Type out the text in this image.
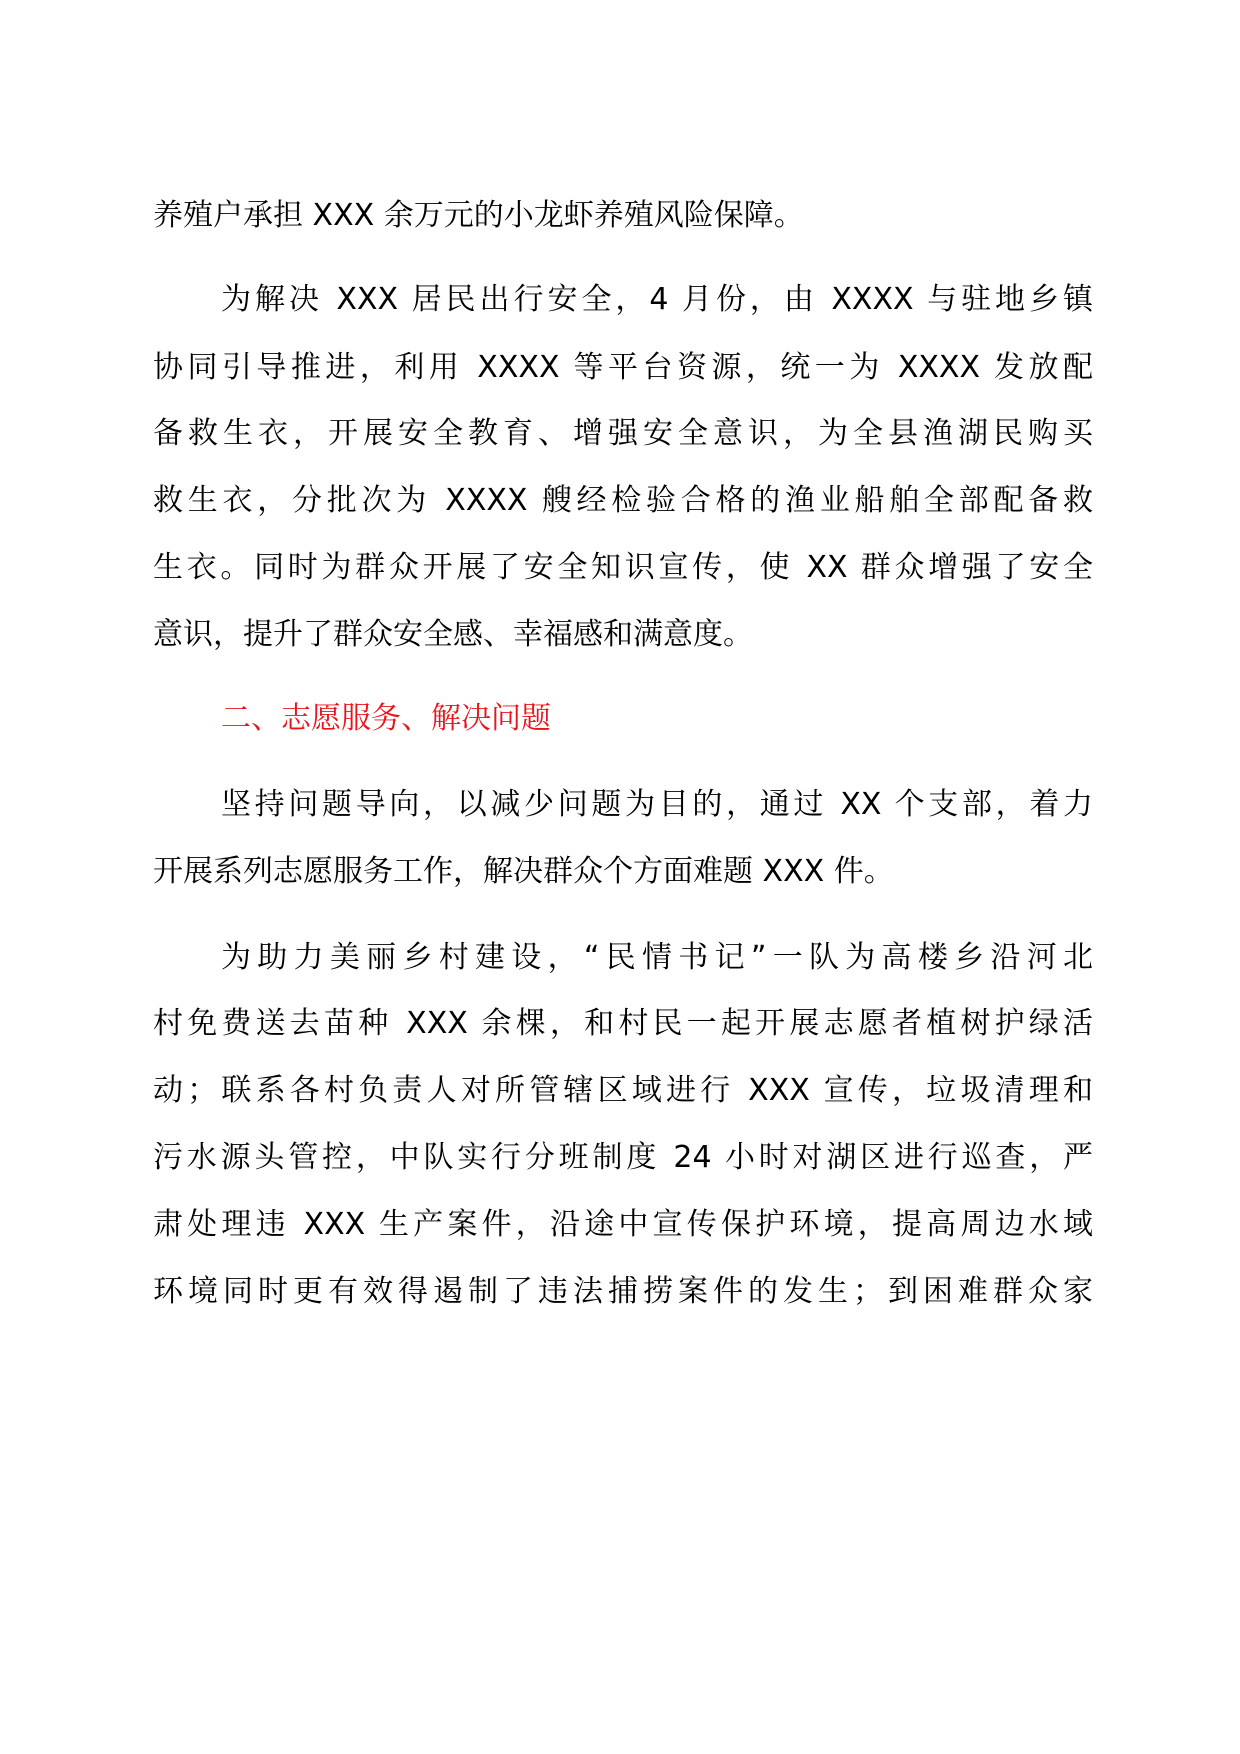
养殖户承担 XXX 余万元的小龙虾养殖风险保障。
为解决 XXX 居民出行安全，4 月份，由 XXXX 与驻地乡镇
协同引导推进，利用 XXXX 等平台资源，统一为 XXXX 发放配
备救生衣，开展安全教育、增强安全意识，为全县渔湖民购买
救生衣，分批次为 XXXX 艘经检验合格的渔业船舶全部配备救
生衣。同时为群众开展了安全知识宣传，使 XX 群众增强了安全
意识，提升了群众安全感、幸福感和满意度。
二、志愿服务、解决问题
坚持问题导向，以减少问题为目的，通过 XX 个支部，着力
开展系列志愿服务工作，解决群众个方面难题 XXX 件。
为助力美丽乡村建设，“民情书记”一队为高楼乡沿河北
村免费送去苗种 XXX 余棵，和村民一起开展志愿者植树护绿活
动；联系各村负责人对所管辖区域进行 XXX 宣传，垃圾清理和
污水源头管控，中队实行分班制度 24 小时对湖区进行巡查，严
肃处理违 XXX 生产案件，沿途中宣传保护环境，提高周边水域
环境同时更有效得遏制了违法捕捞案件的发生；到困难群众家
